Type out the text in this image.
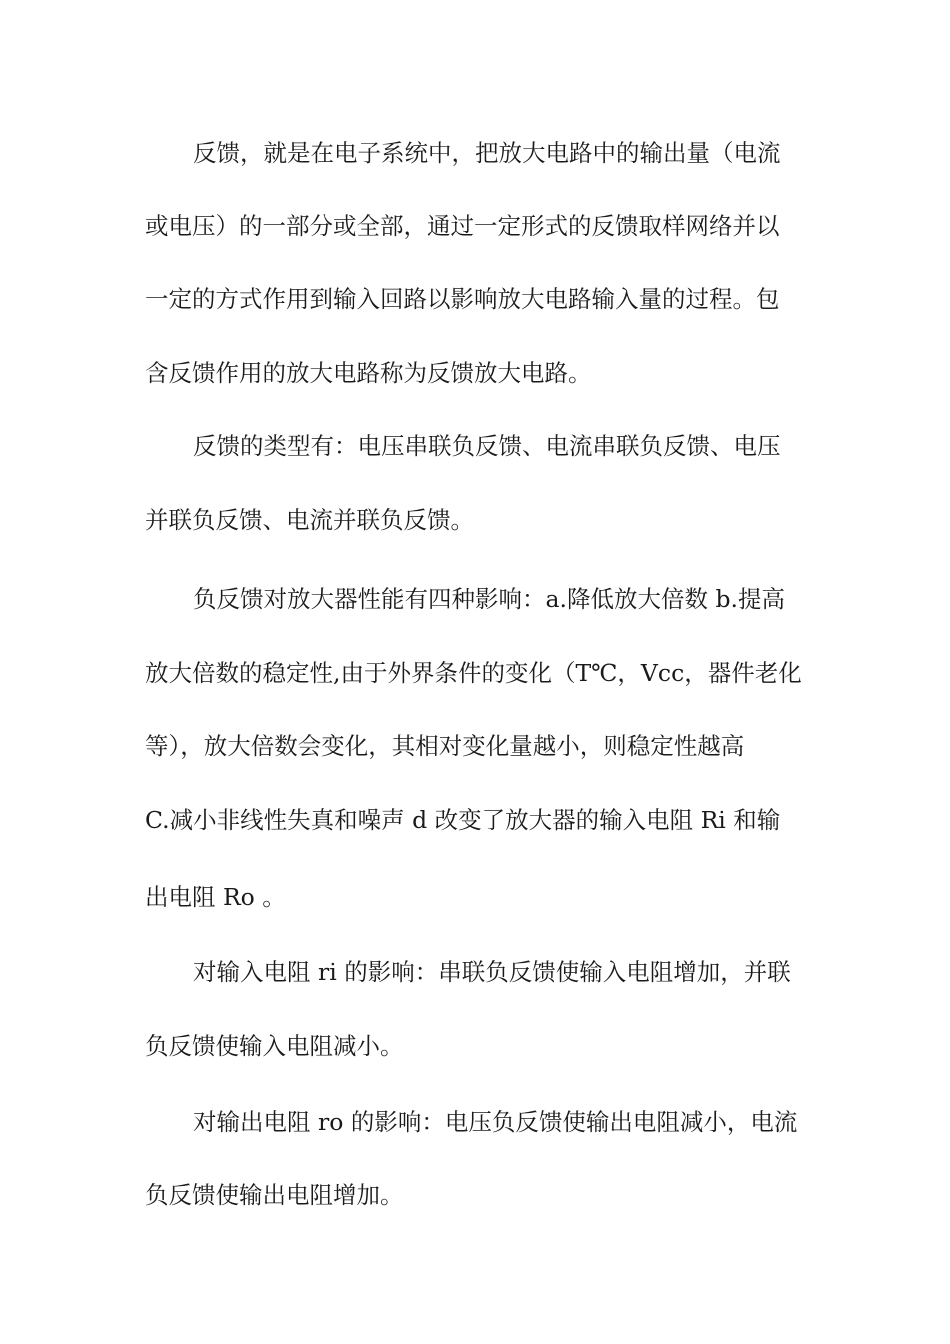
反馈，就是在电子系统中，把放大电路中的输出量（电流
或电压）的一部分或全部，通过一定形式的反馈取样网络并以
一定的方式作用到输入回路以影响放大电路输入量的过程。包
含反馈作用的放大电路称为反馈放大电路。
反馈的类型有：电压串联负反馈、电流串联负反馈、电压
并联负反馈、电流并联负反馈。
负反馈对放大器性能有四种影响：a.降低放大倍数 b.提高
放大倍数的稳定性,由于外界条件的变化（T℃，Vcc，器件老化
等），放大倍数会变化，其相对变化量越小，则稳定性越高
C.减小非线性失真和噪声 d 改变了放大器的输入电阻 Ri 和输
出电阻 Ro 。
对输入电阻 ri 的影响：串联负反馈使输入电阻增加，并联
负反馈使输入电阻减小。
对输出电阻 ro 的影响：电压负反馈使输出电阻减小，电流
负反馈使输出电阻增加。
